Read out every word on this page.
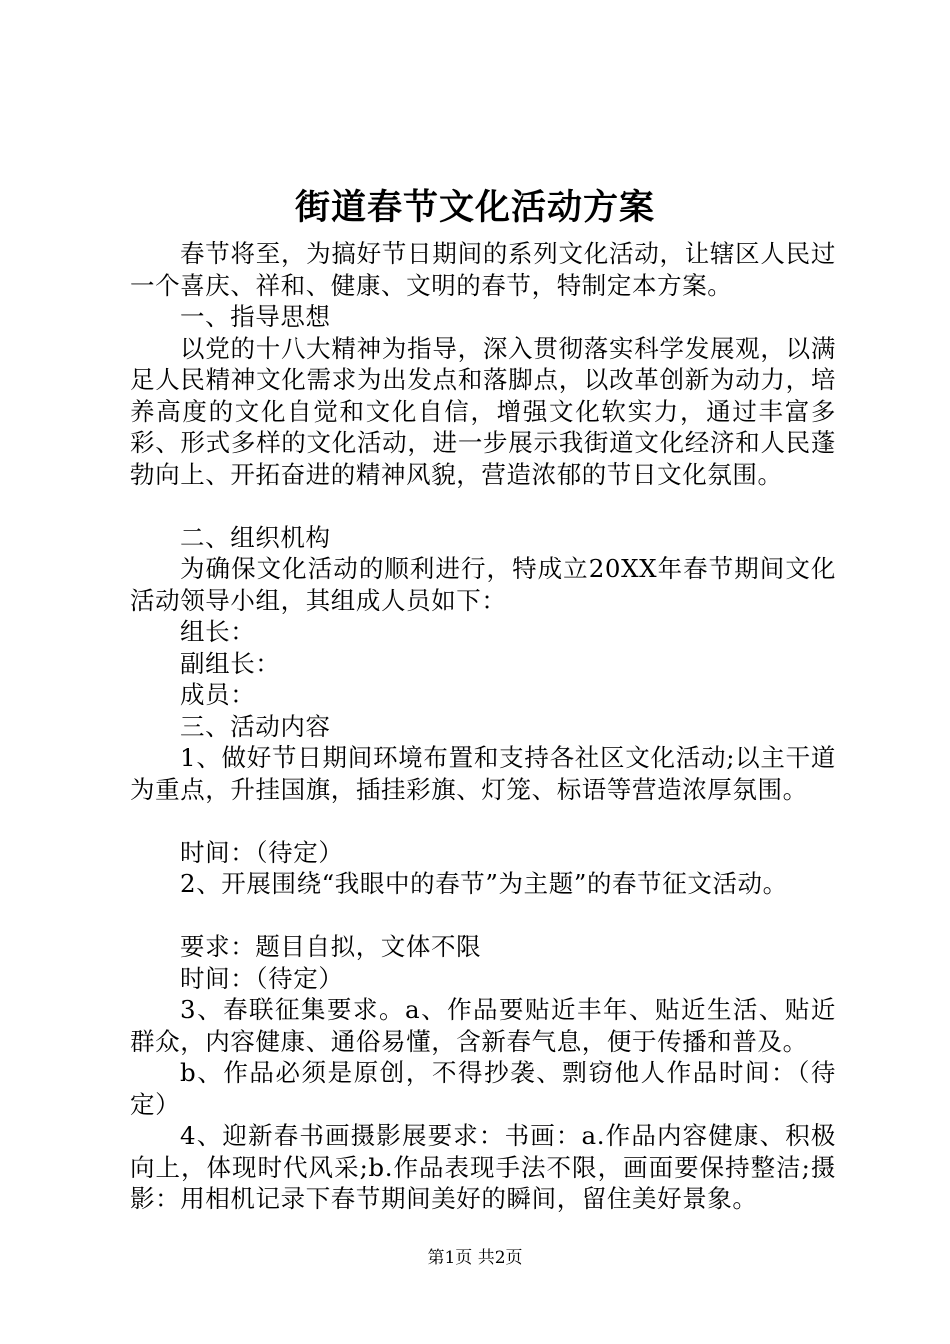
街道春节文化活动方案

春节将至，为搞好节日期间的系列文化活动，让辖区人民过一个喜庆、祥和、健康、文明的春节，特制定本方案。

一、指导思想

以党的十八大精神为指导，深入贯彻落实科学发展观，以满足人民精神文化需求为出发点和落脚点，以改革创新为动力，培养高度的文化自觉和文化自信，增强文化软实力，通过丰富多彩、形式多样的文化活动，进一步展示我街道文化经济和人民蓬勃向上、开拓奋进的精神风貌，营造浓郁的节日文化氛围。

二、组织机构

为确保文化活动的顺利进行，特成立20XX年春节期间文化活动领导小组，其组成人员如下：

组长：

副组长：

成员：

三、活动内容

1、做好节日期间环境布置和支持各社区文化活动;以主干道为重点，升挂国旗，插挂彩旗、灯笼、标语等营造浓厚氛围。

时间：（待定）

2、开展围绕“我眼中的春节”为主题”的春节征文活动。

要求：题目自拟，文体不限

时间：（待定）

3、春联征集要求。a、作品要贴近丰年、贴近生活、贴近群众，内容健康、通俗易懂，含新春气息，便于传播和普及。

b、作品必须是原创，不得抄袭、剽窃他人作品时间：（待定）

4、迎新春书画摄影展要求：书画：a.作品内容健康、积极向上，体现时代风采;b.作品表现手法不限，画面要保持整洁;摄影：用相机记录下春节期间美好的瞬间，留住美好景象。

第1页 共2页
